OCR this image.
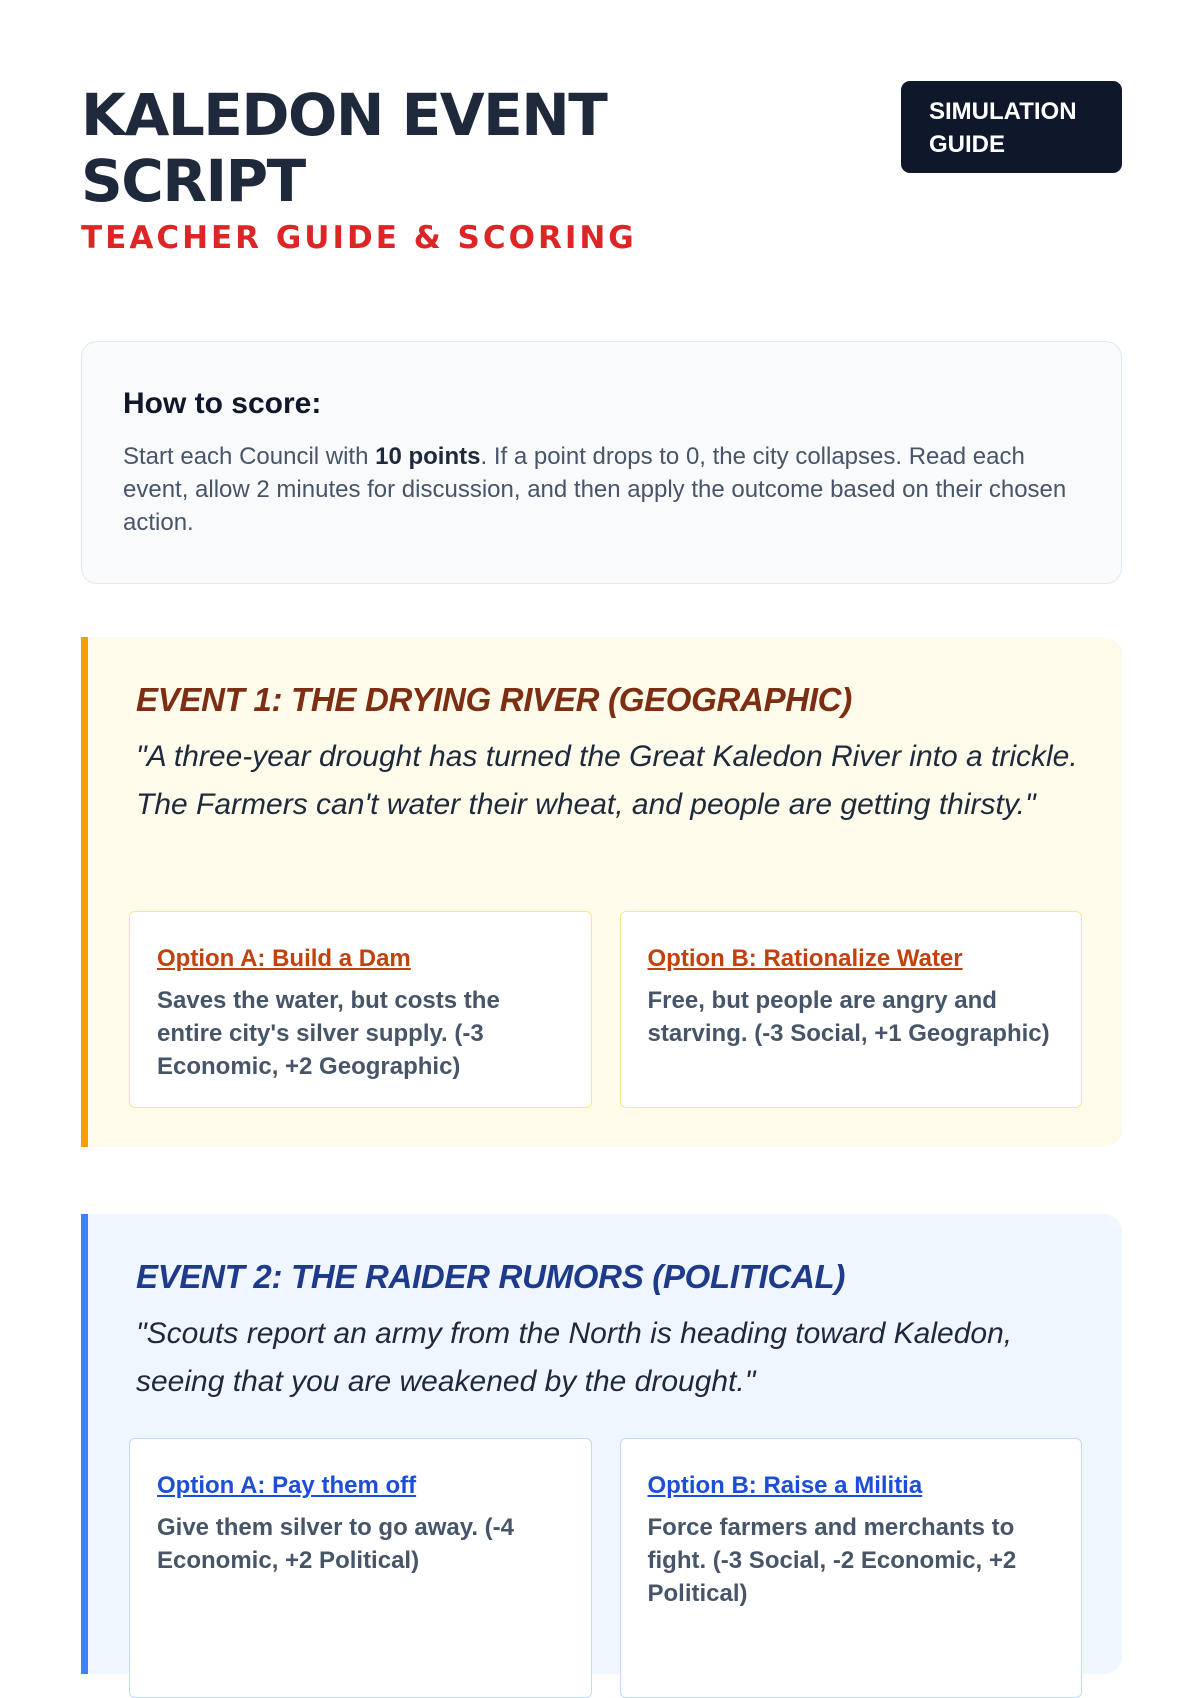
KALEDON EVENT SCRIPT
TEACHER GUIDE & SCORING
SIMULATION GUIDE
How to score:

Start each Council with 10 points. If a point drops to 0, the city collapses. Read each event, allow 2 minutes for discussion, and then apply the outcome based on their chosen action.

EVENT 1: THE DRYING RIVER (GEOGRAPHIC)

"A three-year drought has turned the Great Kaledon River into a trickle. The Farmers can't water their wheat, and people are getting thirsty."

Option A: Build a Dam

Saves the water, but costs the entire city's silver supply. (-3 Economic, +2 Geographic)

Option B: Rationalize Water

Free, but people are angry and starving. (-3 Social, +1 Geographic)

EVENT 2: THE RAIDER RUMORS (POLITICAL)

"Scouts report an army from the North is heading toward Kaledon, seeing that you are weakened by the drought."

Option A: Pay them off

Give them silver to go away. (-4 Economic, +2 Political)

Option B: Raise a Militia

Force farmers and merchants to fight. (-3 Social, -2 Economic, +2 Political)
